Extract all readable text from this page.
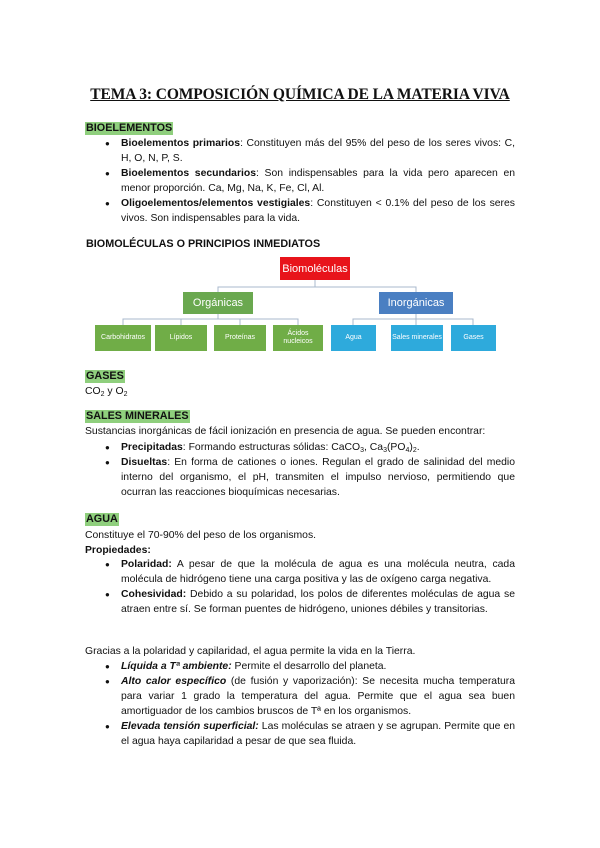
TEMA 3: COMPOSICIÓN QUÍMICA DE LA MATERIA VIVA
BIOELEMENTOS
● Bioelementos primarios: Constituyen más del 95% del peso de los seres vivos: C, H, O, N, P, S.
● Bioelementos secundarios: Son indispensables para la vida pero aparecen en menor proporción. Ca, Mg, Na, K, Fe, Cl, Al.
● Oligoelementos/elementos vestigiales: Constituyen < 0.1% del peso de los seres vivos. Son indispensables para la vida.
BIOMOLÉCULAS O PRINCIPIOS INMEDIATOS
Biomoléculas
Orgánicas	Inorgánicas
Carbohidratos	Lípidos	Proteínas
Ácidos nucleicos
Agua	Sales minerales	Gases
GASES
$CO_2$ y $O_2$
SALES MINERALES
Sustancias inorgánicas de fácil ionización en presencia de agua. Se pueden encontrar:
● Precipitadas: Formando estructuras sólidas: CaCO$_3$, $Ca_3(PO_4)_2$.
● Disueltas: En forma de cationes o iones. Regulan el grado de salinidad del medio interno del organismo, el pH, transmiten el impulso nervioso, permitiendo que ocurran las reacciones bioquímicas necesarias.
AGUA
Constituye el 70-90% del peso de los organismos.
Propiedades:
● Polaridad: A pesar de que la molécula de agua es una molécula neutra, cada molécula de hidrógeno tiene una carga positiva y las de oxígeno carga negativa.
● Cohesividad: Debido a su polaridad, los polos de diferentes moléculas de agua se atraen entre sí. Se forman puentes de hidrógeno, uniones débiles y transitorias.
Gracias a la polaridad y capilaridad, el agua permite la vida en la Tierra.
● Líquida a Tª ambiente: Permite el desarrollo del planeta.
● Alto calor específico (de fusión y vaporización): Se necesita mucha temperatura para variar 1 grado la temperatura del agua. Permite que el agua sea buen amortiguador de los cambios bruscos de Tª en los organismos.
● Elevada tensión superficial: Las moléculas se atraen y se agrupan. Permite que en el agua haya capilaridad a pesar de que sea fluida.
